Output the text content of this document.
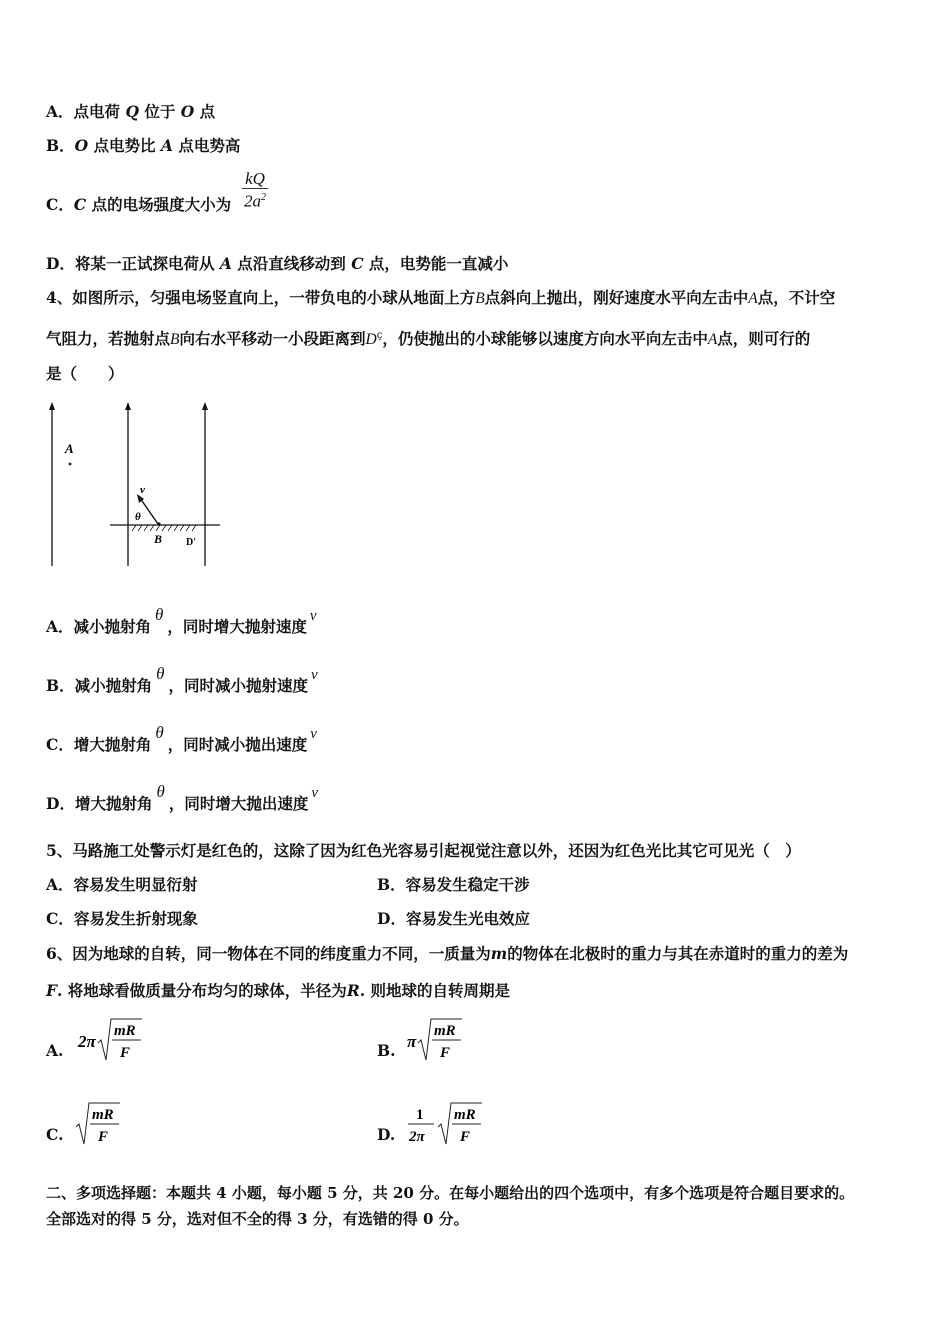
A．点电荷 Q 位于 O 点
B．O 点电势比 A 点电势高
C．C 点的电场强度大小为 $\frac{kQ}{2a^2}$
D．将某一正试探电荷从 A 点沿直线移动到 C 点，电势能一直减小
4、如图所示，匀强电场竖直向上，一带负电的小球从地面上方B点斜向上抛出，刚好速度水平向左击中A点，不计空
气阻力，若抛射点B向右水平移动一小段距离到$D^ç$，仍使抛出的小球能够以速度方向水平向左击中A点，则可行的
是（　　）
A
v
θ
B D'
A．减小抛射角θ，同时增大抛射速度v
B．减小抛射角θ，同时减小抛射速度v
C．增大抛射角θ，同时减小抛出速度v
D．增大抛射角θ，同时增大抛出速度v
5、马路施工处警示灯是红色的，这除了因为红色光容易引起视觉注意以外，还因为红色光比其它可见光（　）
A．容易发生明显衍射	B．容易发生稳定干涉
C．容易发生折射现象	D．容易发生光电效应
6、因为地球的自转，同一物体在不同的纬度重力不同，一质量为m的物体在北极时的重力与其在赤道时的重力的差为
F. 将地球看做质量分布均匀的球体，半径为R. 则地球的自转周期是
A. 2π
mR
F	B. π
mR
F
C.
mR
F	D.
1
2π
mR
F
二、多项选择题：本题共 4 小题，每小题 5 分，共 20 分。在每小题给出的四个选项中，有多个选项是符合题目要求的。
全部选对的得 5 分，选对但不全的得 3 分，有选错的得 0 分。
